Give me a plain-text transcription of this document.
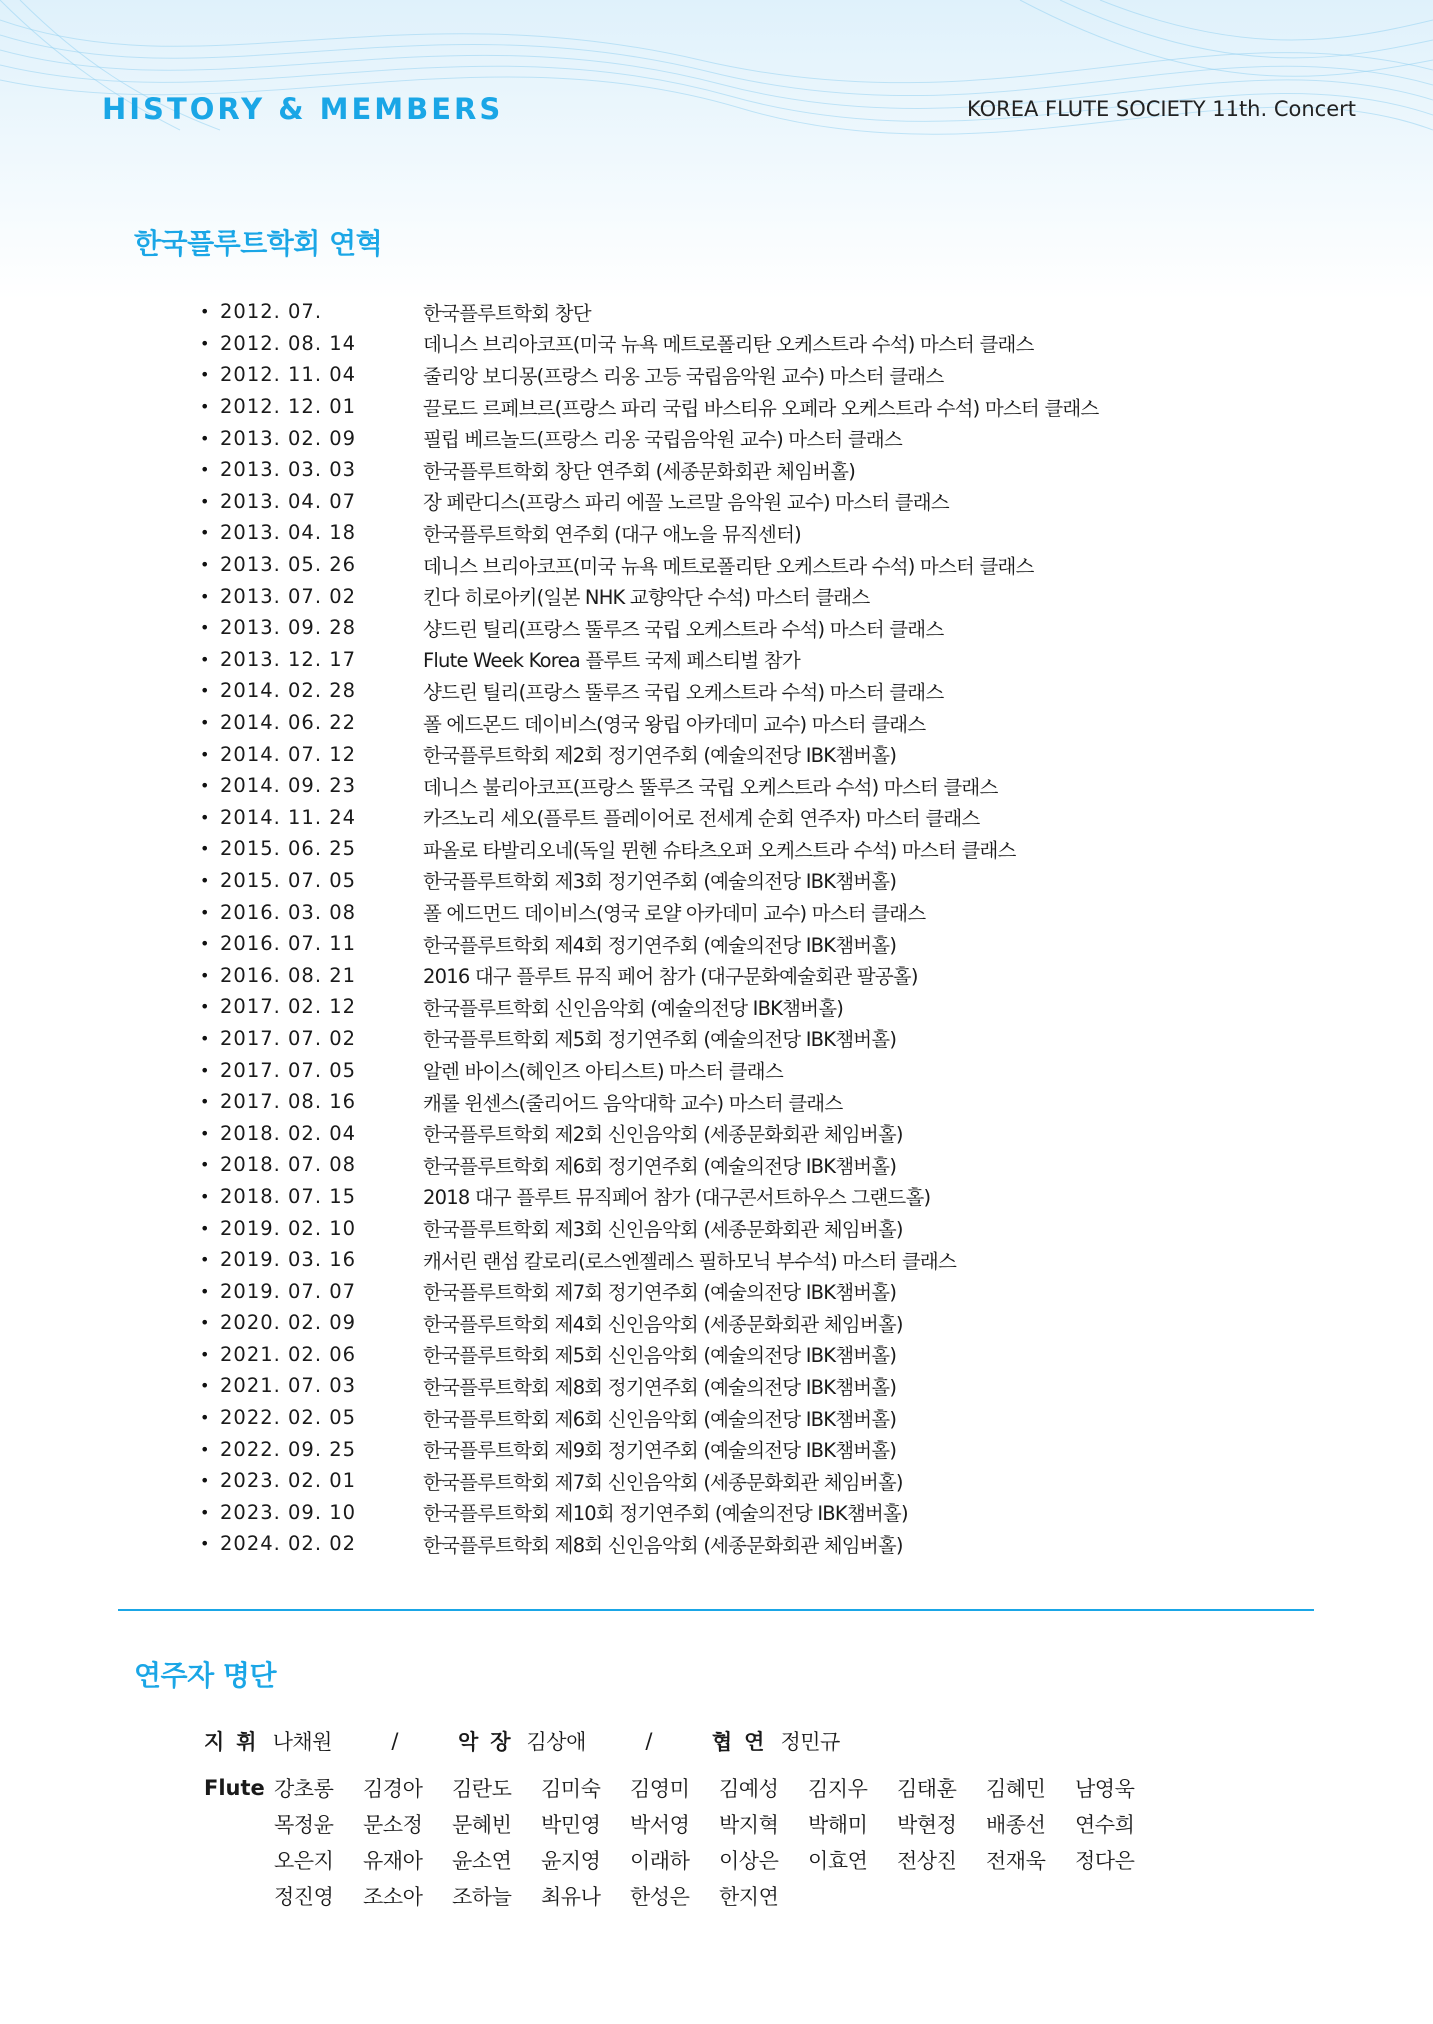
HISTORY & MEMBERS	KOREA FLUTE SOCIETY 11th. Concert
한국플루트학회 연혁
• 2012. 07.	한국플루트학회 창단
• 2012. 08. 14	데니스 브리아코프(미국 뉴욕 메트로폴리탄 오케스트라 수석) 마스터 클래스
• 2012. 11. 04	줄리앙 보디몽(프랑스 리옹 고등 국립음악원 교수) 마스터 클래스
• 2012. 12. 01	끌로드 르페브르(프랑스 파리 국립 바스티유 오페라 오케스트라 수석) 마스터 클래스
• 2013. 02. 09	필립 베르놀드(프랑스 리옹 국립음악원 교수) 마스터 클래스
• 2013. 03. 03	한국플루트학회 창단 연주회 (세종문화회관 체임버홀)
• 2013. 04. 07	장 페란디스(프랑스 파리 에꼴 노르말 음악원 교수) 마스터 클래스
• 2013. 04. 18	한국플루트학회 연주회 (대구 애노을 뮤직센터)
• 2013. 05. 26	데니스 브리아코프(미국 뉴욕 메트로폴리탄 오케스트라 수석) 마스터 클래스
• 2013. 07. 02	킨다 히로아키(일본 NHK 교향악단 수석) 마스터 클래스
• 2013. 09. 28	샹드린 틸리(프랑스 뚤루즈 국립 오케스트라 수석) 마스터 클래스
• 2013. 12. 17	Flute Week Korea 플루트 국제 페스티벌 참가
• 2014. 02. 28	샹드린 틸리(프랑스 뚤루즈 국립 오케스트라 수석) 마스터 클래스
• 2014. 06. 22	폴 에드몬드 데이비스(영국 왕립 아카데미 교수) 마스터 클래스
• 2014. 07. 12	한국플루트학회 제2회 정기연주회 (예술의전당 IBK챔버홀)
• 2014. 09. 23	데니스 불리아코프(프랑스 뚤루즈 국립 오케스트라 수석) 마스터 클래스
• 2014. 11. 24	카즈노리 세오(플루트 플레이어로 전세계 순회 연주자) 마스터 클래스
• 2015. 06. 25	파올로 타발리오네(독일 뮌헨 슈타츠오퍼 오케스트라 수석) 마스터 클래스
• 2015. 07. 05	한국플루트학회 제3회 정기연주회 (예술의전당 IBK챔버홀)
• 2016. 03. 08	폴 에드먼드 데이비스(영국 로얄 아카데미 교수) 마스터 클래스
• 2016. 07. 11	한국플루트학회 제4회 정기연주회 (예술의전당 IBK챔버홀)
• 2016. 08. 21	2016 대구 플루트 뮤직 페어 참가 (대구문화예술회관 팔공홀)
• 2017. 02. 12	한국플루트학회 신인음악회 (예술의전당 IBK챔버홀)
• 2017. 07. 02	한국플루트학회 제5회 정기연주회 (예술의전당 IBK챔버홀)
• 2017. 07. 05	알렌 바이스(헤인즈 아티스트) 마스터 클래스
• 2017. 08. 16	캐롤 윈센스(줄리어드 음악대학 교수) 마스터 클래스
• 2018. 02. 04	한국플루트학회 제2회 신인음악회 (세종문화회관 체임버홀)
• 2018. 07. 08	한국플루트학회 제6회 정기연주회 (예술의전당 IBK챔버홀)
• 2018. 07. 15	2018 대구 플루트 뮤직페어 참가 (대구콘서트하우스 그랜드홀)
• 2019. 02. 10	한국플루트학회 제3회 신인음악회 (세종문화회관 체임버홀)
• 2019. 03. 16	캐서린 랜섬 칼로리(로스엔젤레스 필하모닉 부수석) 마스터 클래스
• 2019. 07. 07	한국플루트학회 제7회 정기연주회 (예술의전당 IBK챔버홀)
• 2020. 02. 09	한국플루트학회 제4회 신인음악회 (세종문화회관 체임버홀)
• 2021. 02. 06	한국플루트학회 제5회 신인음악회 (예술의전당 IBK챔버홀)
• 2021. 07. 03	한국플루트학회 제8회 정기연주회 (예술의전당 IBK챔버홀)
• 2022. 02. 05	한국플루트학회 제6회 신인음악회 (예술의전당 IBK챔버홀)
• 2022. 09. 25	한국플루트학회 제9회 정기연주회 (예술의전당 IBK챔버홀)
• 2023. 02. 01	한국플루트학회 제7회 신인음악회 (세종문화회관 체임버홀)
• 2023. 09. 10	한국플루트학회 제10회 정기연주회 (예술의전당 IBK챔버홀)
• 2024. 02. 02	한국플루트학회 제8회 신인음악회 (세종문화회관 체임버홀)
연주자 명단
지휘 나채원	/	악장 김상애	/	협연 정민규
Flute 강초롱	김경아	김란도	김미숙	김영미	김예성	김지우	김태훈	김혜민	남영욱
목정윤	문소정	문혜빈	박민영	박서영	박지혁	박해미	박현정	배종선	연수희
오은지	유재아	윤소연	윤지영	이래하	이상은	이효연	전상진	전재욱	정다은
정진영	조소아	조하늘	최유나	한성은	한지연
